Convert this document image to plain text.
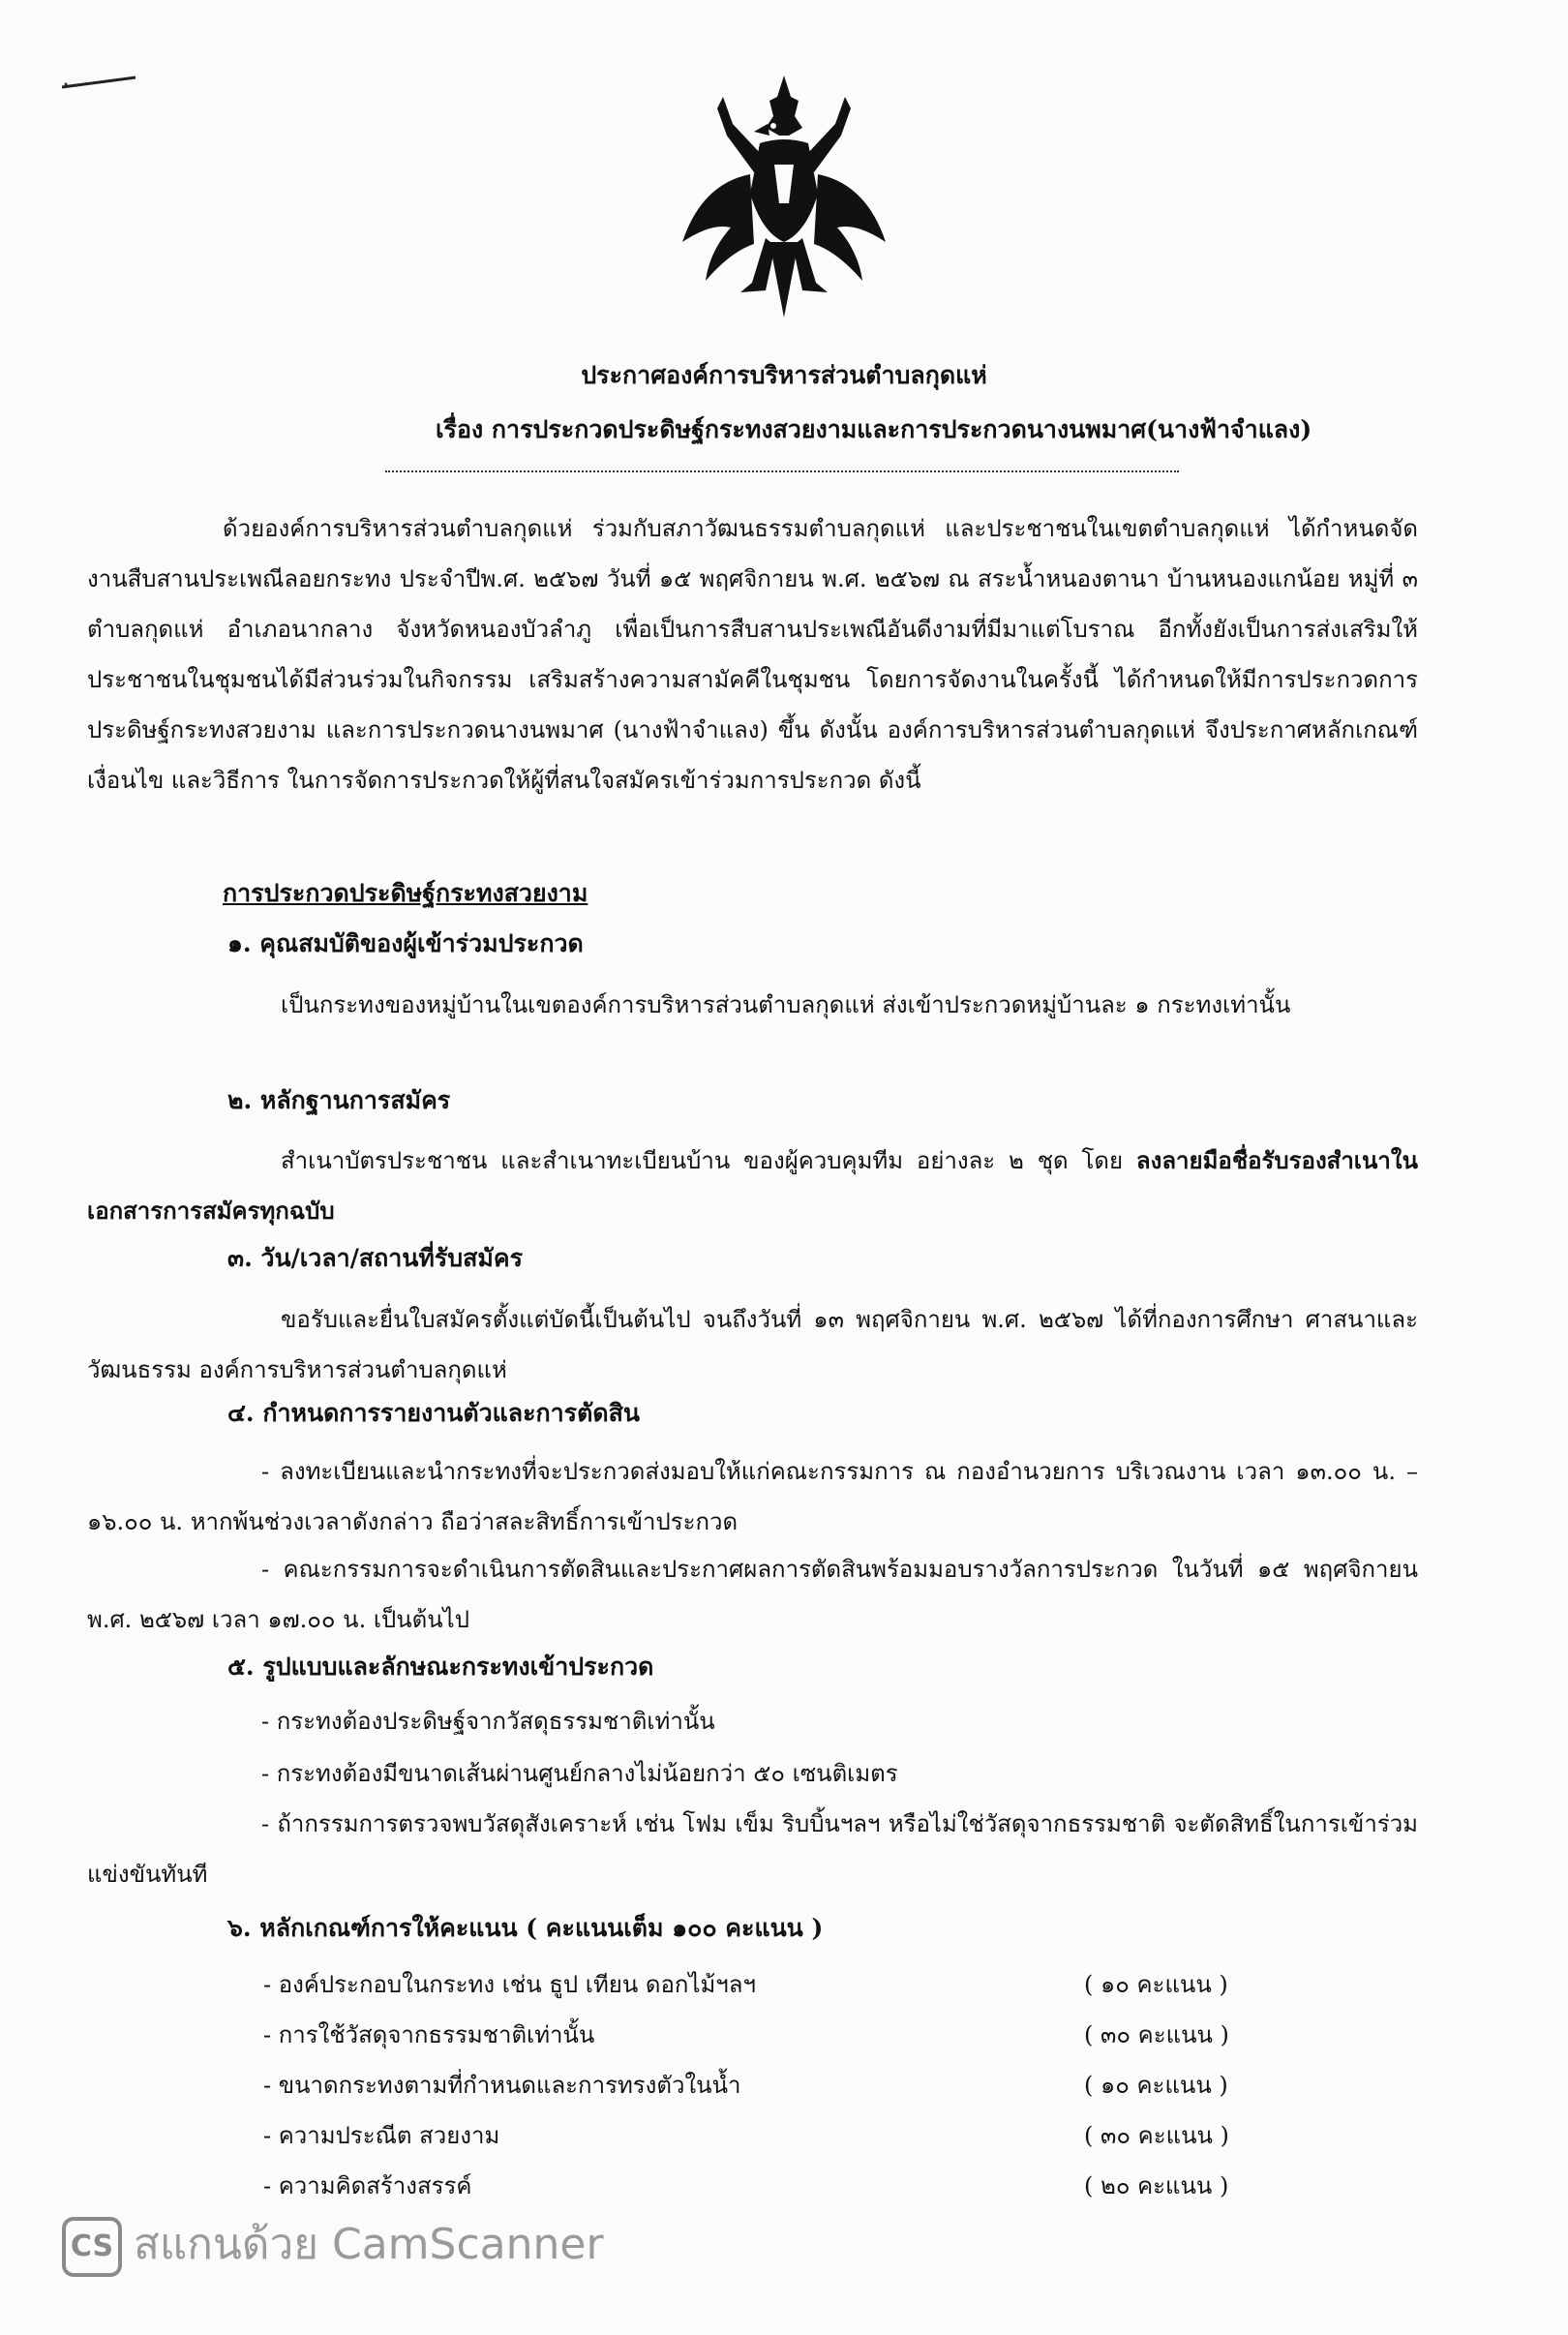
ประกาศองค์การบริหารส่วนตำบลกุดแห่
เรื่อง การประกวดประดิษฐ์กระทงสวยงามและการประกวดนางนพมาศ(นางฟ้าจำแลง)
ด้วยองค์การบริหารส่วนตำบลกุดแห่ ร่วมกับสภาวัฒนธรรมตำบลกุดแห่ และประชาชนในเขตตำบลกุดแห่ ได้กำหนดจัดงานสืบสานประเพณีลอยกระทง ประจำปีพ.ศ. ๒๕๖๗ วันที่ ๑๕ พฤศจิกายน พ.ศ. ๒๕๖๗ ณ สระน้ำหนองตานา บ้านหนองแกน้อย หมู่ที่ ๓ ตำบลกุดแห่ อำเภอนากลาง จังหวัดหนองบัวลำภู เพื่อเป็นการสืบสานประเพณีอันดีงามที่มีมาแต่โบราณ อีกทั้งยังเป็นการส่งเสริมให้ประชาชนในชุมชนได้มีส่วนร่วมในกิจกรรม เสริมสร้างความสามัคคีในชุมชน โดยการจัดงานในครั้งนี้ ได้กำหนดให้มีการประกวดการประดิษฐ์กระทงสวยงาม และการประกวดนางนพมาศ (นางฟ้าจำแลง) ขึ้น ดังนั้น องค์การบริหารส่วนตำบลกุดแห่ จึงประกาศหลักเกณฑ์ เงื่อนไข และวิธีการ ในการจัดการประกวดให้ผู้ที่สนใจสมัครเข้าร่วมการประกวด ดังนี้
การประกวดประดิษฐ์กระทงสวยงาม
๑. คุณสมบัติของผู้เข้าร่วมประกวด
เป็นกระทงของหมู่บ้านในเขตองค์การบริหารส่วนตำบลกุดแห่ ส่งเข้าประกวดหมู่บ้านละ ๑ กระทงเท่านั้น
๒. หลักฐานการสมัคร
สำเนาบัตรประชาชน และสำเนาทะเบียนบ้าน ของผู้ควบคุมทีม อย่างละ ๒ ชุด โดย ลงลายมือชื่อรับรองสำเนาในเอกสารการสมัครทุกฉบับ
๓. วัน/เวลา/สถานที่รับสมัคร
ขอรับและยื่นใบสมัครตั้งแต่บัดนี้เป็นต้นไป จนถึงวันที่ ๑๓ พฤศจิกายน พ.ศ. ๒๕๖๗ ได้ที่กองการศึกษา ศาสนาและวัฒนธรรม องค์การบริหารส่วนตำบลกุดแห่
๔. กำหนดการรายงานตัวและการตัดสิน
- ลงทะเบียนและนำกระทงที่จะประกวดส่งมอบให้แก่คณะกรรมการ ณ กองอำนวยการ บริเวณงาน เวลา ๑๓.๐๐ น. – ๑๖.๐๐ น. หากพ้นช่วงเวลาดังกล่าว ถือว่าสละสิทธิ์การเข้าประกวด
- คณะกรรมการจะดำเนินการตัดสินและประกาศผลการตัดสินพร้อมมอบรางวัลการประกวด ในวันที่ ๑๕ พฤศจิกายน พ.ศ. ๒๕๖๗ เวลา ๑๗.๐๐ น. เป็นต้นไป
๕. รูปแบบและลักษณะกระทงเข้าประกวด
- กระทงต้องประดิษฐ์จากวัสดุธรรมชาติเท่านั้น
- กระทงต้องมีขนาดเส้นผ่านศูนย์กลางไม่น้อยกว่า ๕๐ เซนติเมตร
- ถ้ากรรมการตรวจพบวัสดุสังเคราะห์ เช่น โฟม เข็ม ริบบิ้นฯลฯ หรือไม่ใช่วัสดุจากธรรมชาติ จะตัดสิทธิ์ในการเข้าร่วมแข่งขันทันที
๖. หลักเกณฑ์การให้คะแนน ( คะแนนเต็ม ๑๐๐ คะแนน )
- องค์ประกอบในกระทง เช่น ธูป เทียน ดอกไม้ฯลฯ	( ๑๐ คะแนน )
- การใช้วัสดุจากธรรมชาติเท่านั้น	( ๓๐ คะแนน )
- ขนาดกระทงตามที่กำหนดและการทรงตัวในน้ำ	( ๑๐ คะแนน )
- ความประณีต สวยงาม	( ๓๐ คะแนน )
- ความคิดสร้างสรรค์	( ๒๐ คะแนน )
CS สแกนด้วย CamScanner
